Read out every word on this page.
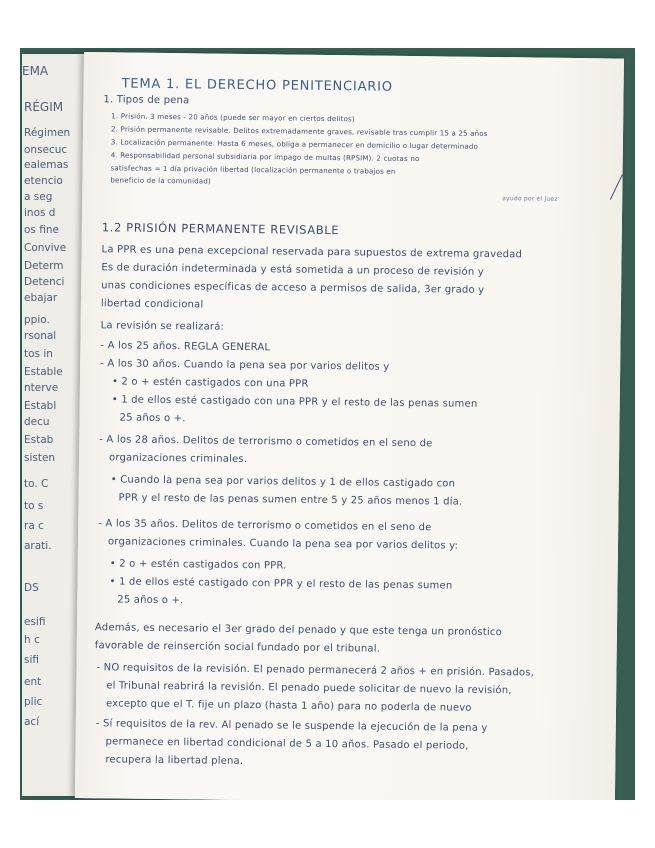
EMA
RÉGIM
Régimen
onsecuc
ealemas
etencio
a seg
inos d
os fine
Convive
Determ
Detenci
ebajar
ppio.
rsonal
tos in
Estable
nterve
Establ
decu
Estab
sisten
to. C
to s
ra c
arati.
DS
esifi
h c
sifi
ent
plic
ací
TEMA 1. EL DERECHO PENITENCIARIO
1. Tipos de pena
1. Prisión. 3 meses - 20 años (puede ser mayor en ciertos delitos)
2. Prisión permanente revisable. Delitos extremadamente graves, revisable tras cumplir 15 a 25 años
3. Localización permanente. Hasta 6 meses, obliga a permanecer en domicilio o lugar determinado
4. Responsabilidad personal subsidiaria por impago de multas (RPSIM). 2 cuotas no
satisfechas = 1 día privación libertad (localización permanente o trabajos en
beneficio de la comunidad)
ayudo por el Juez
1.2 PRISIÓN PERMANENTE REVISABLE
La PPR es una pena excepcional reservada para supuestos de extrema gravedad
Es de duración indeterminada y está sometida a un proceso de revisión y
unas condiciones específicas de acceso a permisos de salida, 3er grado y
libertad condicional
La revisión se realizará:
- A los 25 años. REGLA GENERAL
- A los 30 años. Cuando la pena sea por varios delitos y
• 2 o + estén castigados con una PPR
• 1 de ellos esté castigado con una PPR y el resto de las penas sumen
25 años o +.
- A los 28 años. Delitos de terrorismo o cometidos en el seno de
organizaciones criminales.
• Cuando la pena sea por varios delitos y 1 de ellos castigado con
PPR y el resto de las penas sumen entre 5 y 25 años menos 1 día.
- A los 35 años. Delitos de terrorismo o cometidos en el seno de
organizaciones criminales. Cuando la pena sea por varios delitos y:
• 2 o + estén castigados con PPR.
• 1 de ellos esté castigado con PPR y el resto de las penas sumen
25 años o +.
Además, es necesario el 3er grado del penado y que este tenga un pronóstico
favorable de reinserción social fundado por el tribunal.
- NO requisitos de la revisión. El penado permanecerá 2 años + en prisión. Pasados,
el Tribunal reabrirá la revisión. El penado puede solicitar de nuevo la revisión,
excepto que el T. fije un plazo (hasta 1 año) para no poderla de nuevo
- Sí requisitos de la rev. Al penado se le suspende la ejecución de la pena y
permanece en libertad condicional de 5 a 10 años. Pasado el periodo,
recupera la libertad plena.
